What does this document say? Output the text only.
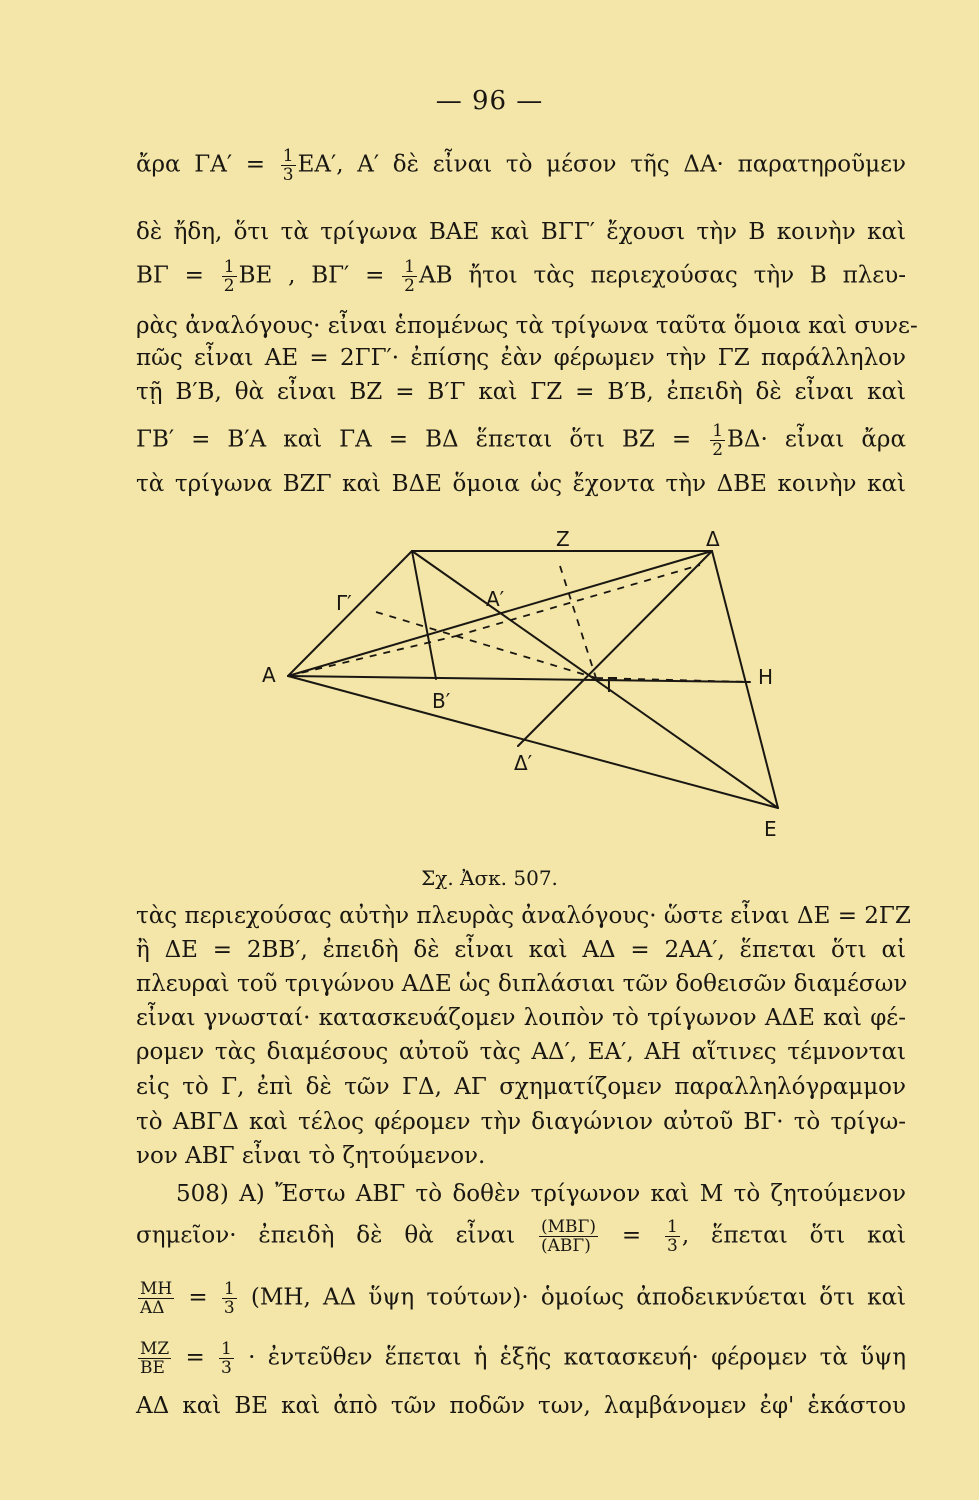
— 96 —
ἄρα $\Gamma A' = \frac{1}{3} EA'$, Α′ δὲ εἶναι τὸ μέσον τῆς ΔΑ· παρατηροῦμεν
δὲ ἤδη, ὅτι τὰ τρίγωνα ΒΑΕ καὶ ΒΓΓ′ ἔχουσι τὴν Β κοινὴν καὶ
$B\Gamma = \frac{1}{2}$ ΒΕ , $B\Gamma' = \frac{1}{2}$ ΑΒ ἤτοι τὰς περιεχούσας τὴν Β πλευ-
ρὰς ἀναλόγους· εἶναι ἑπομένως τὰ τρίγωνα ταῦτα ὅμοια καὶ συνε-
πῶς εἶναι ΑΕ = 2ΓΓ′· ἐπίσης ἐὰν φέρωμεν τὴν ΓΖ παράλληλον
τῇ Β′Β, θὰ εἶναι ΒΖ = Β′Γ καὶ ΓΖ = Β′Β, ἐπειδὴ δὲ εἶναι καὶ
ΓΒ′ = Β′Α καὶ ΓΑ = ΒΔ ἕπεται ὅτι $BZ = \frac{1}{2} B\Delta\cdot$ εἶναι ἄρα
τὰ τρίγωνα ΒΖΓ καὶ ΒΔΕ ὅμοια ὡς ἔχοντα τὴν ΔΒΕ κοινὴν καὶ
Z	Δ
Γ′	Α′
Α
Β′
Γ	Η
Δ′
Ε
Σχ. Ἀσκ. 507.
τὰς περιεχούσας αὐτὴν πλευρὰς ἀναλόγους· ὥστε εἶναι ΔΕ = 2ΓΖ
ἢ ΔΕ = 2ΒΒ′, ἐπειδὴ δὲ εἶναι καὶ ΑΔ = 2ΑΑ′, ἕπεται ὅτι αἱ
πλευραὶ τοῦ τριγώνου ΑΔΕ ὡς διπλάσιαι τῶν δοθεισῶν διαμέσων
εἶναι γνωσταί· κατασκευάζομεν λοιπὸν τὸ τρίγωνον ΑΔΕ καὶ φέ-
ρομεν τὰς διαμέσους αὐτοῦ τὰς ΑΔ′, ΕΑ′, ΑΗ αἵτινες τέμνονται
εἰς τὸ Γ, ἐπὶ δὲ τῶν ΓΔ, ΑΓ σχηματίζομεν παραλληλόγραμμον
τὸ ΑΒΓΔ καὶ τέλος φέρομεν τὴν διαγώνιον αὐτοῦ ΒΓ· τὸ τρίγω-
νον ΑΒΓ εἶναι τὸ ζητούμενον.
508) Α) Ἔστω ΑΒΓ τὸ δοθὲν τρίγωνον καὶ Μ τὸ ζητούμενον
σημεῖον· ἐπειδὴ δὲ θὰ εἶναι $\frac{\text{(ΜΒΓ)}}{\text{(ΑΒΓ)}} = \frac{1}{3}$ , ἕπεται ὅτι καὶ
$\frac{MH}{A\Delta} = \frac{1}{3} (MH$, ΑΔ ὕψη τούτων)· ὁμοίως ἀποδεικνύεται ὅτι καὶ
$\frac{MZ}{BE} = \frac{1}{3}$ · ἐντεῦθεν ἕπεται ἡ ἑξῆς κατασκευή· φέρομεν τὰ ὕψη
ΑΔ καὶ ΒΕ καὶ ἀπὸ τῶν ποδῶν των, λαμβάνομεν ἐφ' ἑκάστου
